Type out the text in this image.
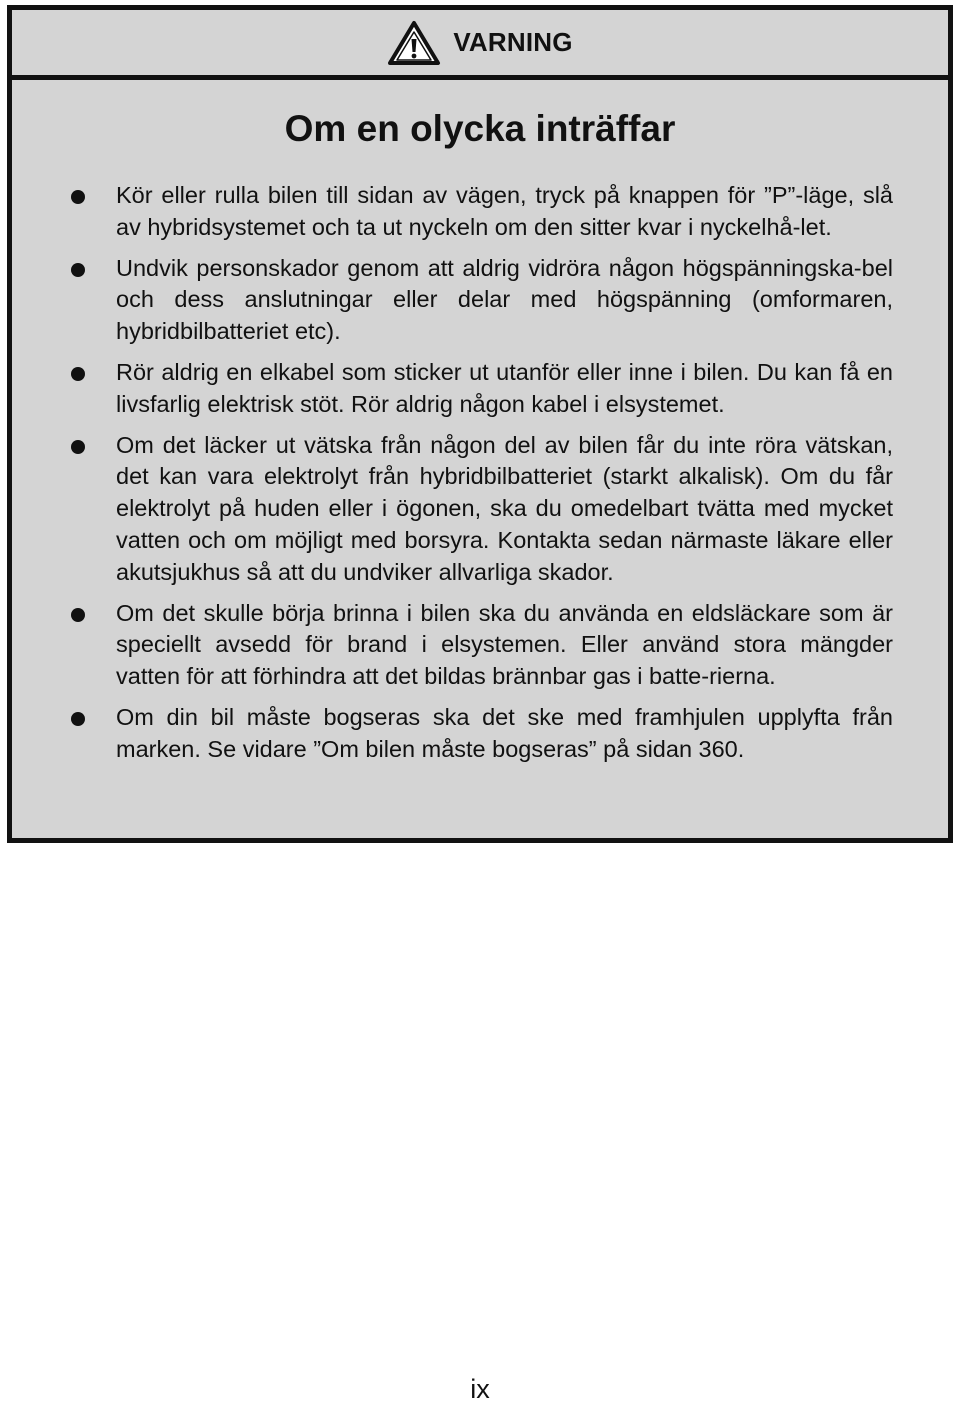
VARNING
Om en olycka inträffar
Kör eller rulla bilen till sidan av vägen, tryck på knappen för ”P”-läge, slå av hybridsystemet och ta ut nyckeln om den sitter kvar i nyckelhå-let.
Undvik personskador genom att aldrig vidröra någon högspänningska-bel och dess anslutningar eller delar med högspänning (omformaren, hybridbilbatteriet etc).
Rör aldrig en elkabel som sticker ut utanför eller inne i bilen. Du kan få en livsfarlig elektrisk stöt. Rör aldrig någon kabel i elsystemet.
Om det läcker ut vätska från någon del av bilen får du inte röra vätskan, det kan vara elektrolyt från hybridbilbatteriet (starkt alkalisk). Om du får elektrolyt på huden eller i ögonen, ska du omedelbart tvätta med mycket vatten och om möjligt med borsyra. Kontakta sedan närmaste läkare eller akutsjukhus så att du undviker allvarliga skador.
Om det skulle börja brinna i bilen ska du använda en eldsläckare som är speciellt avsedd för brand i elsystemen. Eller använd stora mängder vatten för att förhindra att det bildas brännbar gas i batte-rierna.
Om din bil måste bogseras ska det ske med framhjulen upplyfta från marken. Se vidare ”Om bilen måste bogseras” på sidan 360.
ix
